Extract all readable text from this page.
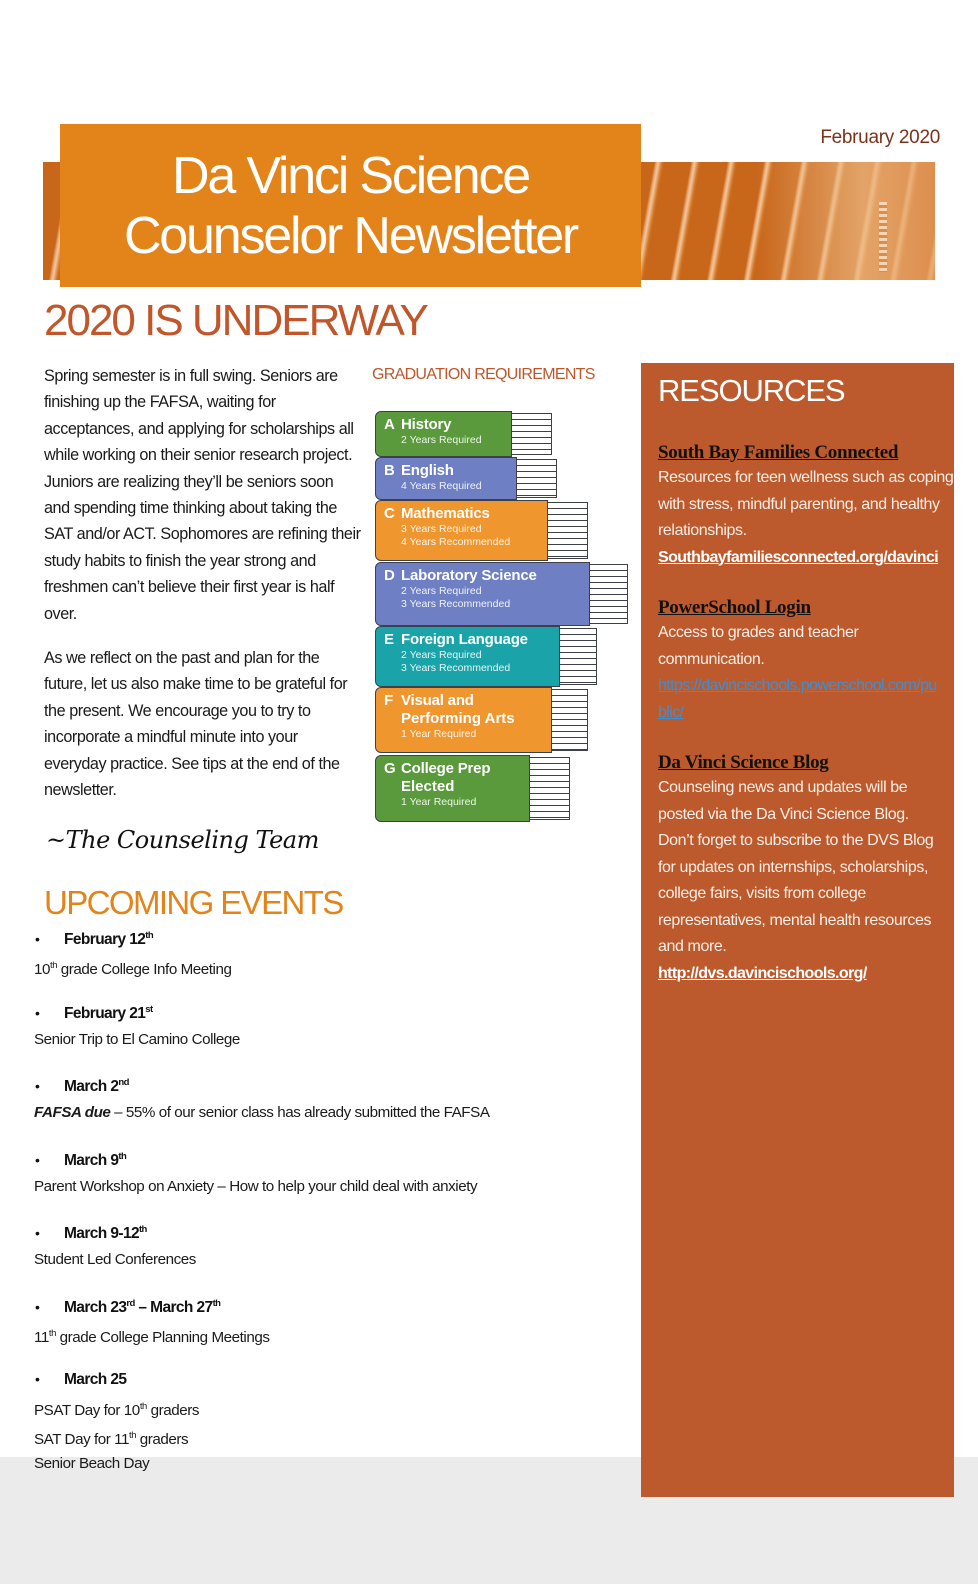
February 2020
Da Vinci Science
Counselor Newsletter
2020 IS UNDERWAY

Spring semester is in full swing. Seniors are finishing up the FAFSA, waiting for acceptances, and applying for scholarships all while working on their senior research project. Juniors are realizing they’ll be seniors soon and spending time thinking about taking the SAT and/or ACT. Sophomores are refining their study habits to finish the year strong and freshmen can’t believe their first year is half over.

As we reflect on the past and plan for the future, let us also make time to be grateful for the present. We encourage you to try to incorporate a mindful minute into your everyday practice. See tips at the end of the newsletter.

~The Counseling Team
GRADUATION REQUIREMENTS
A History
2 Years Required
B English
4 Years Required
C Mathematics
3 Years Required
4 Years Recommended
D Laboratory Science
2 Years Required
3 Years Recommended
E Foreign Language
2 Years Required
3 Years Recommended
F Visual and
Performing Arts
1 Year Required
G College Prep
Elected
1 Year Required
UPCOMING EVENTS
•	February 12th
10th grade College Info Meeting
•	February 21st
Senior Trip to El Camino College
•	March 2nd
FAFSA due – 55% of our senior class has already submitted the FAFSA
•	March 9th
Parent Workshop on Anxiety – How to help your child deal with anxiety
•	March 9-12th
Student Led Conferences
•	March 23rd – March 27th
11th grade College Planning Meetings
•	March 25
PSAT Day for 10th graders
SAT Day for 11th graders
Senior Beach Day
RESOURCES
South Bay Families Connected
Resources for teen wellness such as coping with stress, mindful parenting, and healthy relationships.
Southbayfamiliesconnected.org/davinci
PowerSchool Login
Access to grades and teacher communication.
https://davincischools.powerschool.com/public/
Da Vinci Science Blog
Counseling news and updates will be posted via the Da Vinci Science Blog. Don’t forget to subscribe to the DVS Blog for updates on internships, scholarships, college fairs, visits from college representatives, mental health resources and more.
http://dvs.davincischools.org/
